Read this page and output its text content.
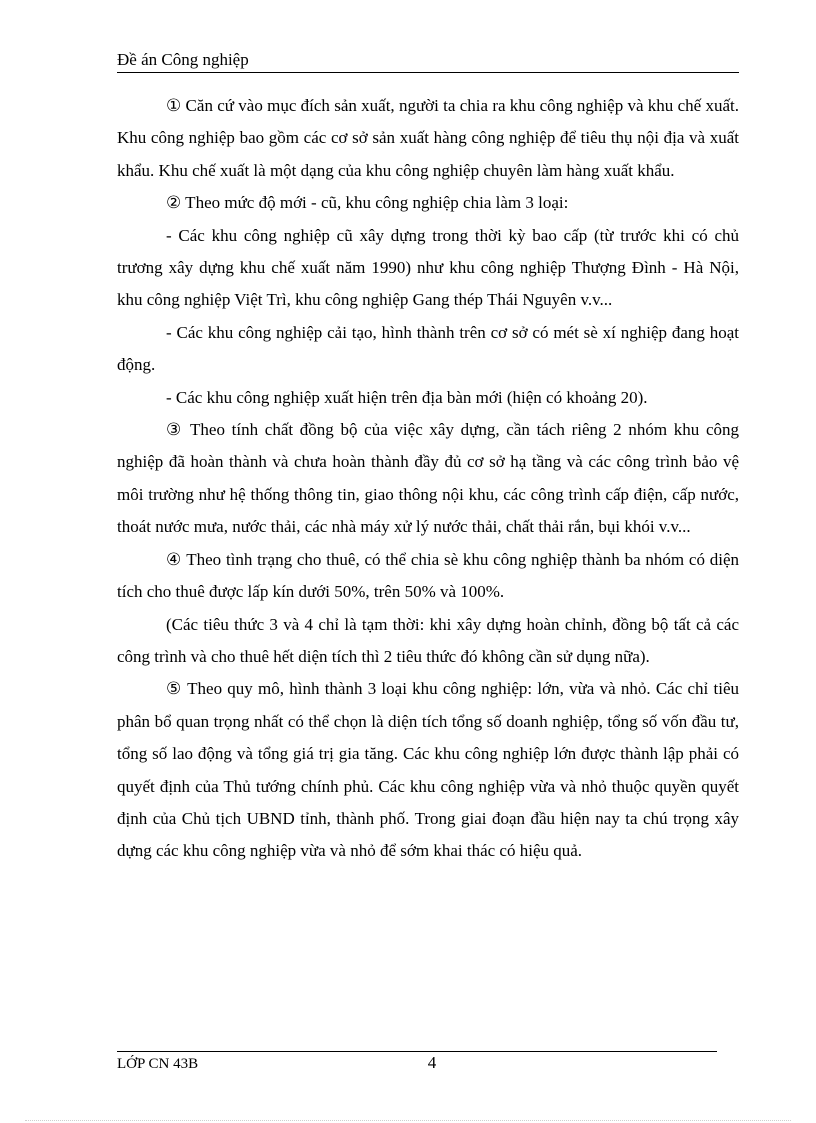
Đề án Công nghiệp

① Căn cứ vào mục đích sản xuất, người ta chia ra khu công nghiệp và khu chế xuất. Khu công nghiệp bao gồm các cơ sở sản xuất hàng công nghiệp để tiêu thụ nội địa và xuất khẩu. Khu chế xuất là một dạng của khu công nghiệp chuyên làm hàng xuất khẩu.

② Theo mức độ mới - cũ, khu công nghiệp chia làm 3 loại:

- Các khu công nghiệp cũ xây dựng trong thời kỳ bao cấp (từ trước khi có chủ trương xây dựng khu chế xuất năm 1990) như khu công nghiệp Thượng Đình - Hà Nội, khu công nghiệp Việt Trì, khu công nghiệp Gang thép Thái Nguyên v.v...

- Các khu công nghiệp cải tạo, hình thành trên cơ sở có mét sè xí nghiệp đang hoạt động.

- Các khu công nghiệp xuất hiện trên địa bàn mới (hiện có khoảng 20).

③ Theo tính chất đồng bộ của việc xây dựng, cần tách riêng 2 nhóm khu công nghiệp đã hoàn thành và chưa hoàn thành đầy đủ cơ sở hạ tầng và các công trình bảo vệ môi trường như hệ thống thông tin, giao thông nội khu, các công trình cấp điện, cấp nước, thoát nước mưa, nước thải, các nhà máy xử lý nước thải, chất thải rắn, bụi khói v.v...

④ Theo tình trạng cho thuê, có thể chia sè khu công nghiệp thành ba nhóm có diện tích cho thuê được lấp kín dưới 50%, trên 50% và 100%.

(Các tiêu thức 3 và 4 chỉ là tạm thời: khi xây dựng hoàn chỉnh, đồng bộ tất cả các công trình và cho thuê hết diện tích thì 2 tiêu thức đó không cần sử dụng nữa).

⑤ Theo quy mô, hình thành 3 loại khu công nghiệp: lớn, vừa và nhỏ. Các chỉ tiêu phân bổ quan trọng nhất có thể chọn là diện tích tổng số doanh nghiệp, tổng số vốn đầu tư, tổng số lao động và tổng giá trị gia tăng. Các khu công nghiệp lớn được thành lập phải có quyết định của Thủ tướng chính phủ. Các khu công nghiệp vừa và nhỏ thuộc quyền quyết định của Chủ tịch UBND tỉnh, thành phố. Trong giai đoạn đầu hiện nay ta chú trọng xây dựng các khu công nghiệp vừa và nhỏ để sớm khai thác có hiệu quả.

LỚP CN 43B	4
